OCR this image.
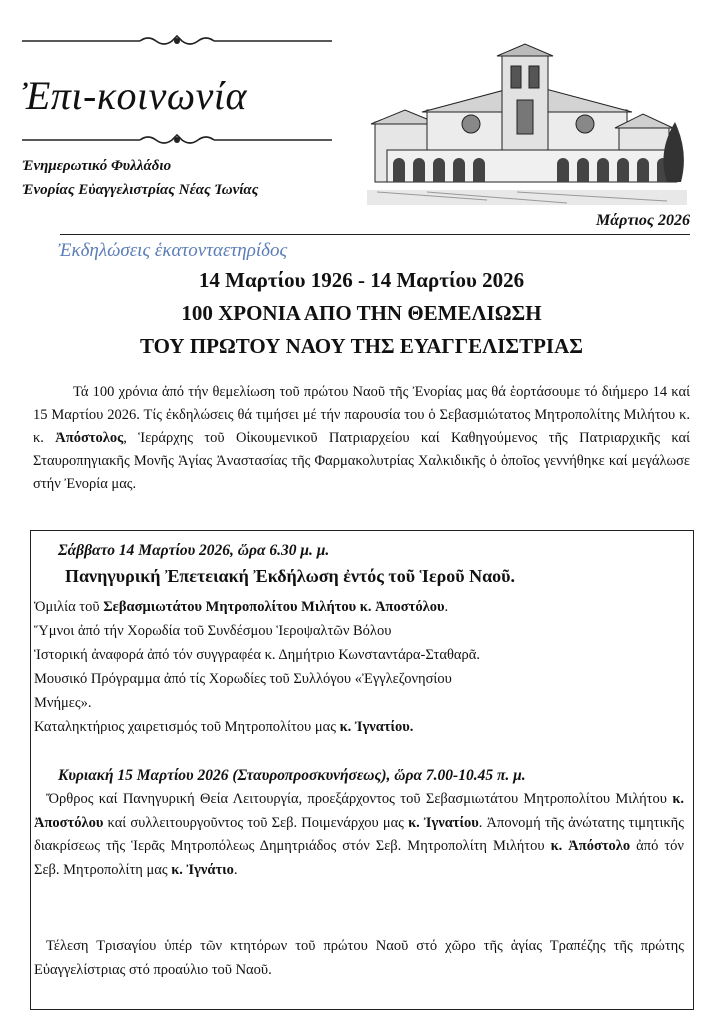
Ἐπι-κοινωνία
Ἐνημερωτικό Φυλλάδιο
Ἐνορίας Εὐαγγελιστρίας Νέας Ἰωνίας
Μάρτιος 2026
Ἐκδηλώσεις ἑκατονταετηρίδος
14 Μαρτίου 1926 - 14 Μαρτίου 2026
100 ΧΡΟΝΙΑ ΑΠΟ ΤΗΝ ΘΕΜΕΛΙΩΣΗ
ΤΟΥ ΠΡΩΤΟΥ ΝΑΟΥ ΤΗΣ ΕΥΑΓΓΕΛΙΣΤΡΙΑΣ

Τά 100 χρόνια ἀπό τήν θεμελίωση τοῦ πρώτου Ναοῦ τῆς Ἐνορίας μας θά ἑορτάσουμε τό διήμερο 14 καί 15 Μαρτίου 2026. Τίς ἐκδηλώσεις θά τιμήσει μέ τήν παρουσία του ὁ Σεβασμιώτατος Μητροπολίτης Μιλήτου κ. κ. Ἀπόστολος, Ἱεράρχης τοῦ Οἰκουμενικοῦ Πατριαρχείου καί Καθηγούμενος τῆς Πατριαρχικῆς καί Σταυροπηγιακῆς Μονῆς Ἁγίας Ἀναστασίας τῆς Φαρμακολυτρίας Χαλκιδικῆς ὁ ὁποῖος γεννήθηκε καί μεγάλωσε στήν Ἐνορία μας.

Σάββατο 14 Μαρτίου 2026, ὥρα 6.30 μ. μ.
Πανηγυρική Ἐπετειακή Ἐκδήλωση ἐντός τοῦ Ἱεροῦ Ναοῦ.
Ὁμιλία τοῦ Σεβασμιωτάτου Μητροπολίτου Μιλήτου κ. Ἀποστόλου.
Ὕμνοι ἀπό τήν Χορωδία τοῦ Συνδέσμου Ἱεροψαλτῶν Βόλου
Ἱστορική ἀναφορά ἀπό τόν συγγραφέα κ. Δημήτριο Κωνσταντάρα-Σταθαρᾶ.
Μουσικό Πρόγραμμα ἀπό τίς Χορωδίες τοῦ Συλλόγου «Ἐγγλεζονησίου
Μνήμες».
Καταληκτήριος χαιρετισμός τοῦ Μητροπολίτου μας κ. Ἰγνατίου.
Κυριακή 15 Μαρτίου 2026 (Σταυροπροσκυνήσεως), ὥρα 7.00-10.45 π. μ.

Ὄρθρος καί Πανηγυρική Θεία Λειτουργία, προεξάρχοντος τοῦ Σεβασμιωτάτου Μητροπολίτου Μιλήτου κ. Ἀποστόλου καί συλλειτουργοῦντος τοῦ Σεβ. Ποιμενάρχου μας κ. Ἰγνατίου. Ἀπονομή τῆς ἀνώτατης τιμητικῆς διακρίσεως τῆς Ἱερᾶς Μητροπόλεως Δημητριάδος στόν Σεβ. Μητροπολίτη Μιλήτου κ. Ἀπόστολο ἀπό τόν Σεβ. Μητροπολίτη μας κ. Ἰγνάτιο.

Τέλεση Τρισαγίου ὑπέρ τῶν κτητόρων τοῦ πρώτου Ναοῦ στό χῶρο τῆς ἁγίας Τραπέζης τῆς πρώτης Εὐαγγελίστριας στό προαύλιο τοῦ Ναοῦ.
